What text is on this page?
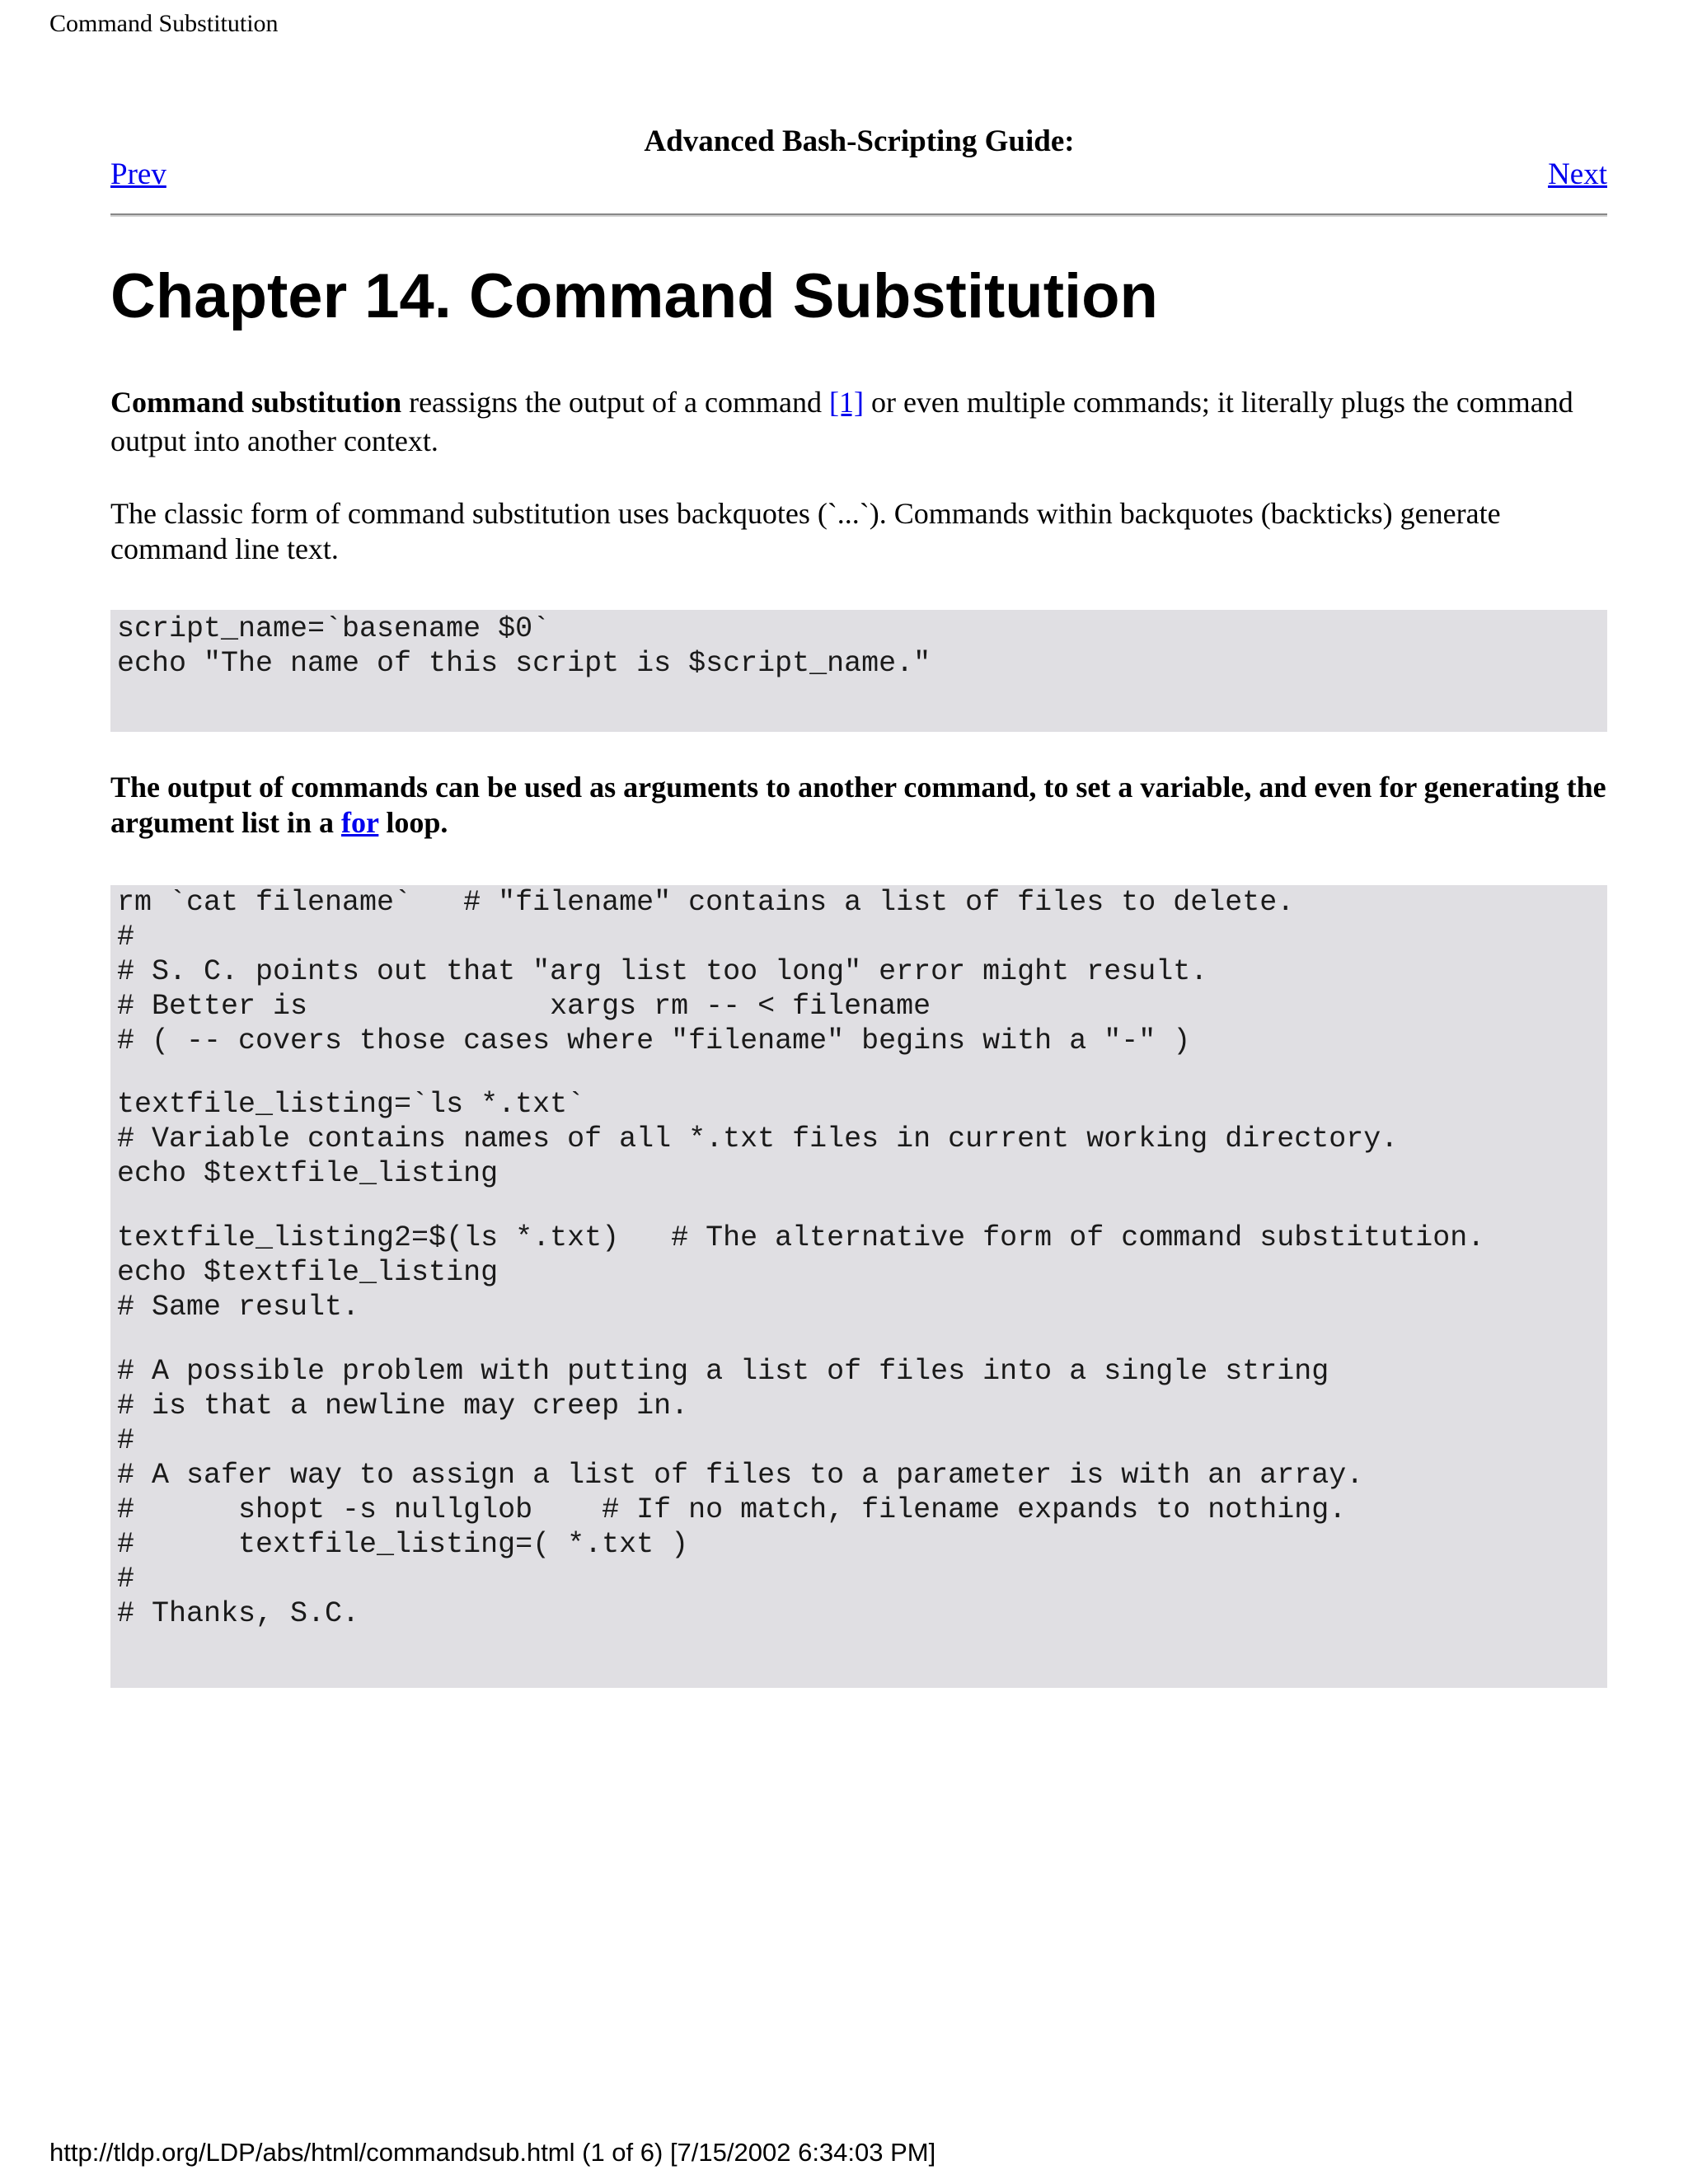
Command Substitution
Advanced Bash-Scripting Guide:
Prev	Next
Chapter 14. Command Substitution

Command substitution reassigns the output of a command [1] or even multiple commands; it literally plugs the command output into another context.

The classic form of command substitution uses backquotes (`...`). Commands within backquotes (backticks) generate command line text.

script_name=`basename $0`
echo "The name of this script is $script_name."

The output of commands can be used as arguments to another command, to set a variable, and even for generating the argument list in a for loop.

rm `cat filename`   # "filename" contains a list of files to delete.
#
# S. C. points out that "arg list too long" error might result.
# Better is              xargs rm -- < filename
# ( -- covers those cases where "filename" begins with a "-" )
textfile_listing=`ls *.txt`
# Variable contains names of all *.txt files in current working directory.
echo $textfile_listing
textfile_listing2=$(ls *.txt)   # The alternative form of command substitution.
echo $textfile_listing
# Same result.
# A possible problem with putting a list of files into a single string
# is that a newline may creep in.
#
# A safer way to assign a list of files to a parameter is with an array.
#      shopt -s nullglob    # If no match, filename expands to nothing.
#      textfile_listing=( *.txt )
#
# Thanks, S.C.
http://tldp.org/LDP/abs/html/commandsub.html (1 of 6) [7/15/2002 6:34:03 PM]
